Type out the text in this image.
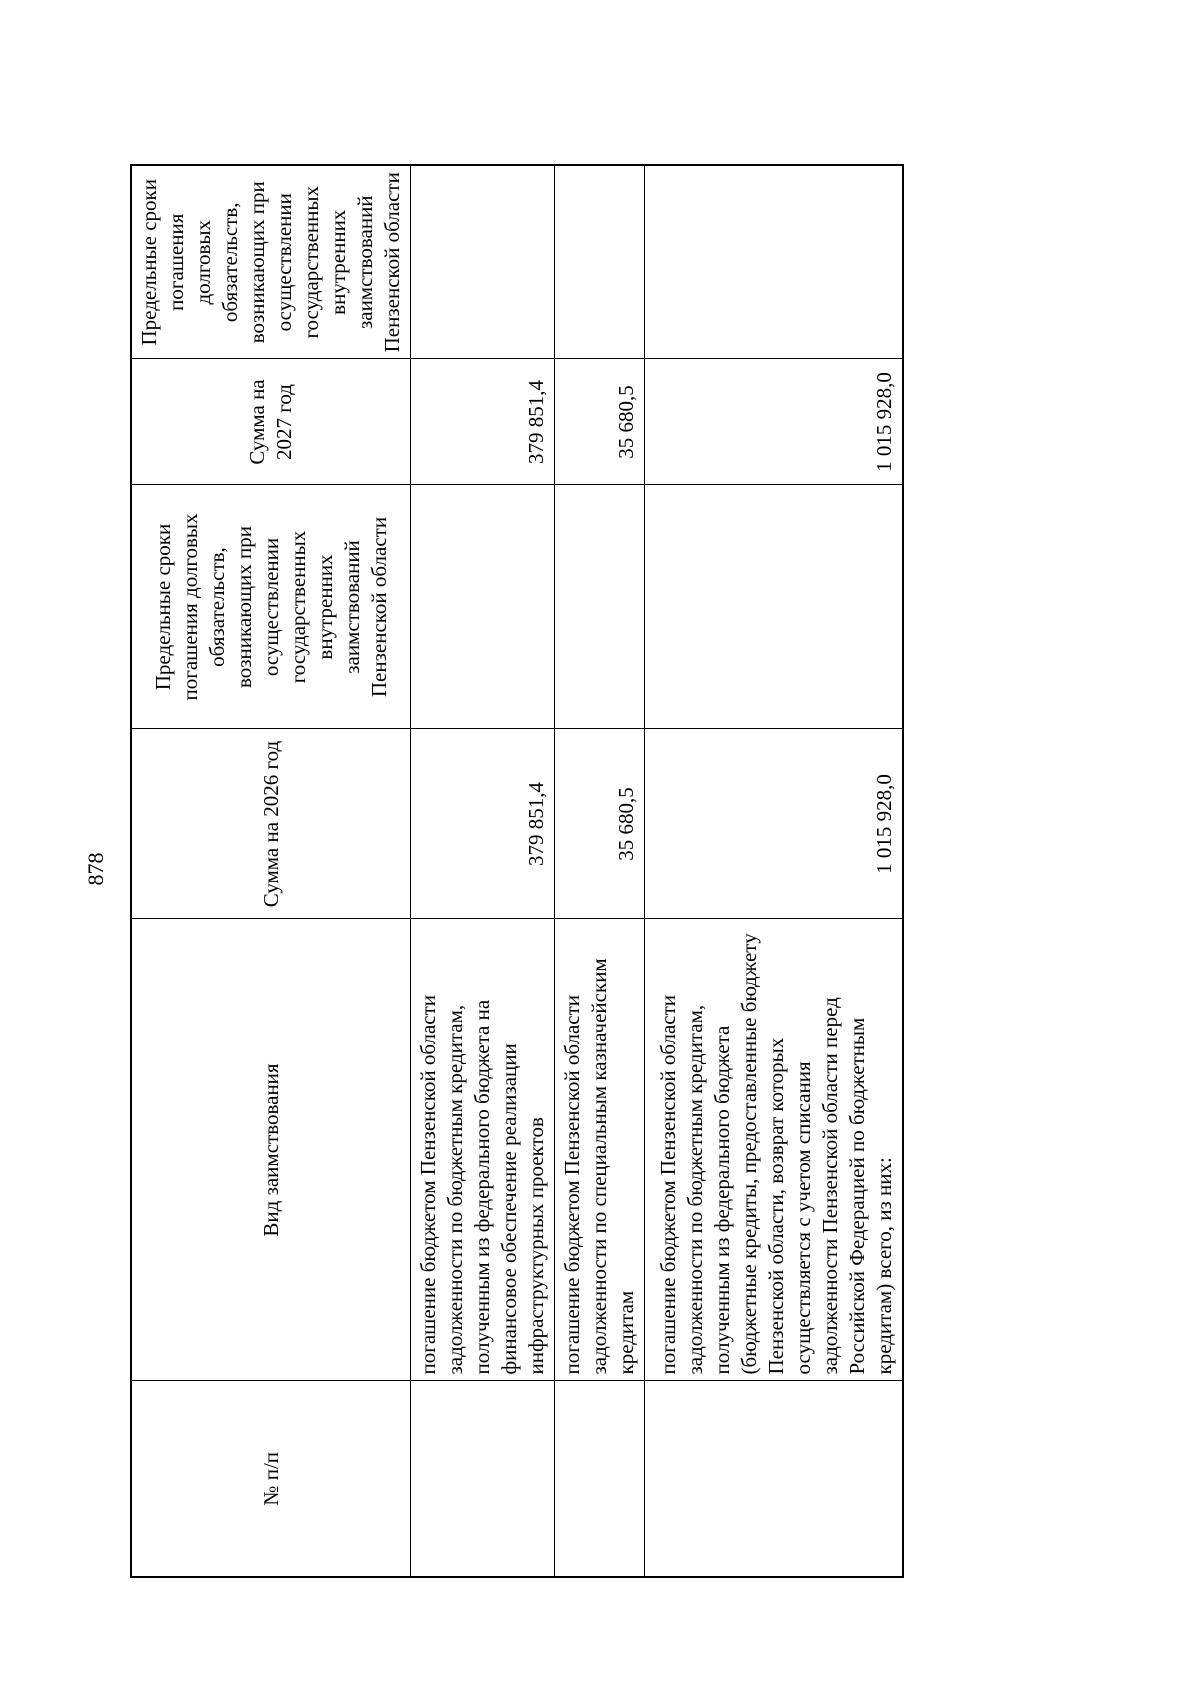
878
№ п/п	Вид заимствования	Сумма на 2026 год	Предельные сроки погашения долговых обязательств, возникающих при осуществлении государственных внутренних заимствований Пензенской области	Сумма на 2027 год	Предельные сроки погашения долговых обязательств, возникающих при осуществлении государственных внутренних заимствований Пензенской области
	погашение бюджетом Пензенской области задолженности по бюджетным кредитам, полученным из федерального бюджета на финансовое обеспечение реализации инфраструктурных проектов	379 851,4		379 851,4	
	погашение бюджетом Пензенской области задолженности по специальным казначейским кредитам	35 680,5		35 680,5	
	погашение бюджетом Пензенской области задолженности по бюджетным кредитам, полученным из федерального бюджета (бюджетные кредиты, предоставленные бюджету Пензенской области, возврат которых осуществляется с учетом списания задолженности Пензенской области перед Российской Федерацией по бюджетным кредитам) всего, из них:	1 015 928,0		1 015 928,0	
